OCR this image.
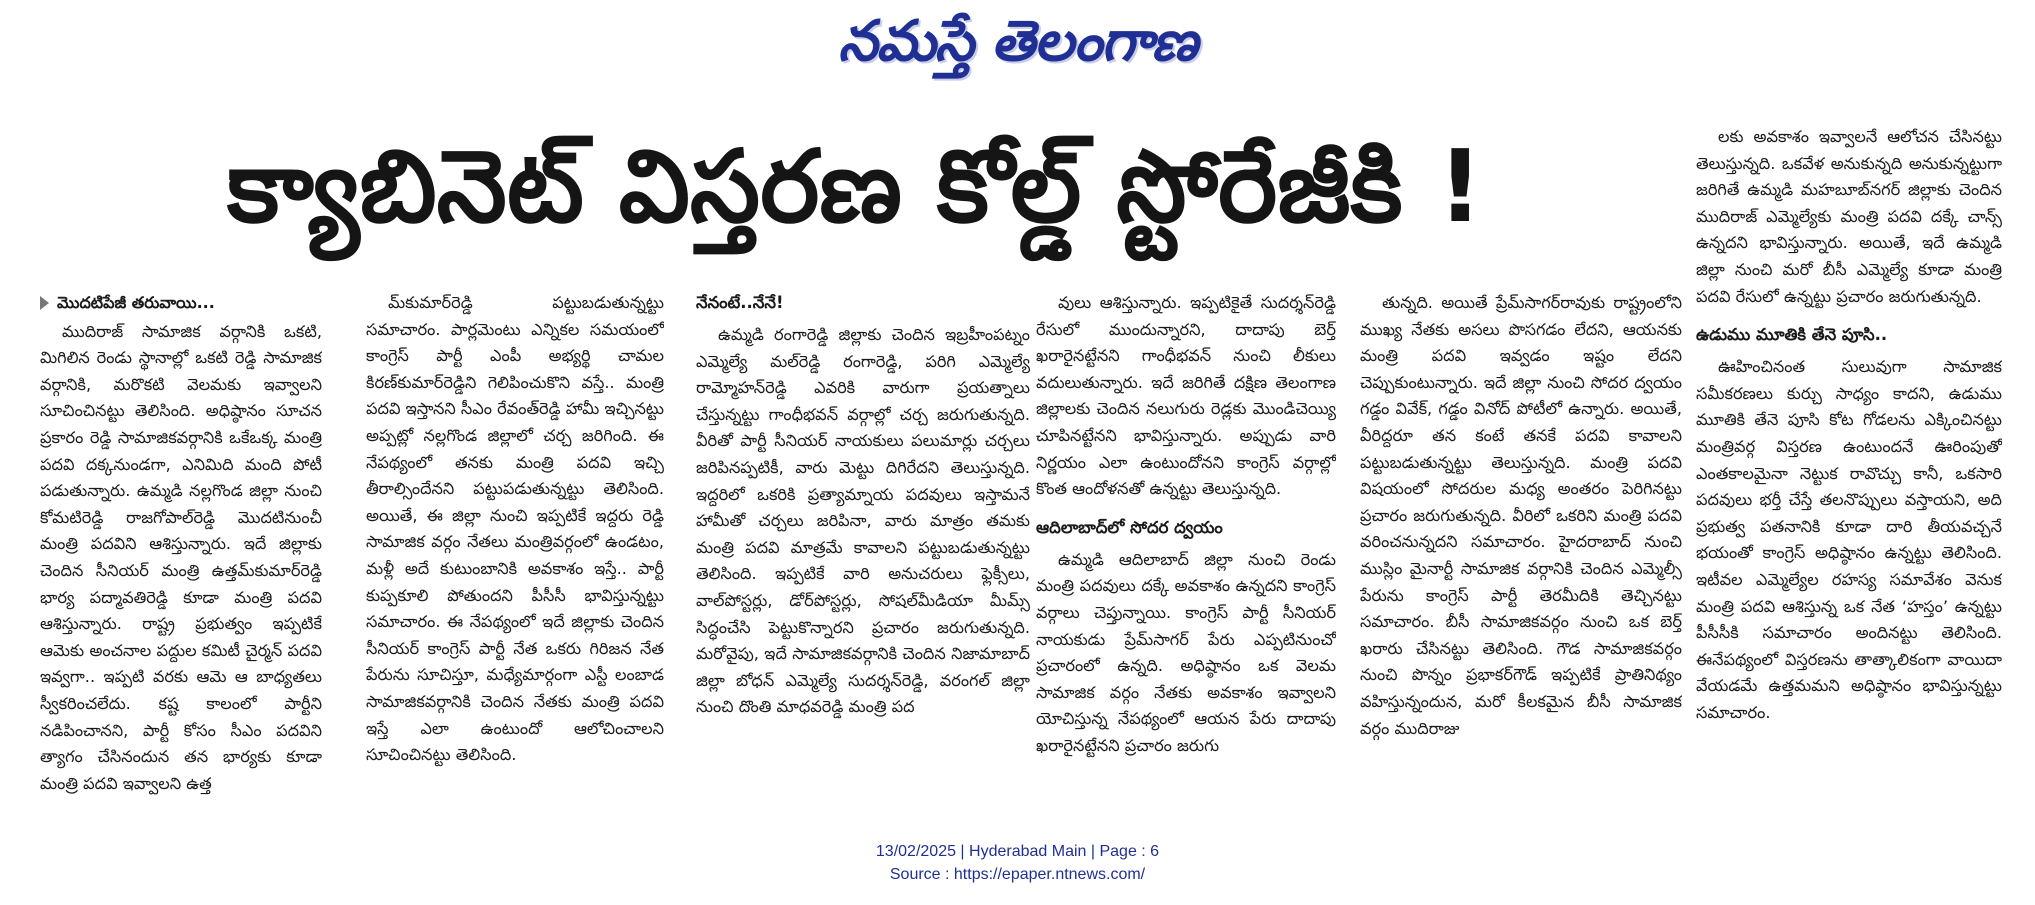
నమస్తే తెలంగాణ
క్యాబినెట్ విస్తరణ కోల్డ్ స్టోరేజీకి !
మొదటిపేజీ తరువాయి...

ముదిరాజ్ సామాజిక వర్గానికి ఒకటి, మిగిలిన రెండు స్థానాల్లో ఒకటి రెడ్డి సామాజిక వర్గానికి, మరొకటి వెలమకు ఇవ్వాలని సూచించినట్టు తెలిసింది. అధిష్ఠానం సూచన ప్రకారం రెడ్డి సామాజికవర్గానికి ఒకేఒక్క మంత్రి పదవి దక్కనుండగా, ఎనిమిది మంది పోటీ పడుతున్నారు. ఉమ్మడి నల్లగొండ జిల్లా నుంచి కోమటిరెడ్డి రాజగోపాల్‌రెడ్డి మొదటినుంచీ మంత్రి పదవిని ఆశిస్తున్నారు. ఇదే జిల్లాకు చెందిన సీనియర్ మంత్రి ఉత్తమ్‌కుమార్‌రెడ్డి భార్య పద్మావతిరెడ్డి కూడా మంత్రి పదవి ఆశిస్తున్నారు. రాష్ట్ర ప్రభుత్వం ఇప్పటికే ఆమెకు అంచనాల పద్దుల కమిటీ చైర్మన్ పదవి ఇవ్వగా.. ఇప్పటి వరకు ఆమె ఆ బాధ్యతలు స్వీకరించలేదు. కష్ట కాలంలో పార్టీని నడిపించానని, పార్టీ కోసం సీఎం పదవిని త్యాగం చేసినందున తన భార్యకు కూడా మంత్రి పదవి ఇవ్వాలని ఉత్త

మ్‌కుమార్‌రెడ్డి పట్టుబడుతున్నట్టు సమాచారం. పార్లమెంటు ఎన్నికల సమయంలో కాంగ్రెస్ పార్టీ ఎంపీ అభ్యర్థి చామల కిరణ్‌కుమార్‌రెడ్డిని గెలిపించుకొని వస్తే.. మంత్రి పదవి ఇస్తానని సీఎం రేవంత్‌రెడ్డి హామీ ఇచ్చినట్టు అప్పట్లో నల్లగొండ జిల్లాలో చర్చ జరిగింది. ఈ నేపథ్యంలో తనకు మంత్రి పదవి ఇచ్చి తీరాల్సిందేనని పట్టుపడుతున్నట్టు తెలిసింది. అయితే, ఈ జిల్లా నుంచి ఇప్పటికే ఇద్దరు రెడ్డి సామాజిక వర్గం నేతలు మంత్రివర్గంలో ఉండటం, మళ్లీ అదే కుటుంబానికి అవకాశం ఇస్తే.. పార్టీ కుప్పకూలి పోతుందని పీసీసీ భావిస్తున్నట్టు సమాచారం. ఈ నేపథ్యంలో ఇదే జిల్లాకు చెందిన సీనియర్ కాంగ్రెస్ పార్టీ నేత ఒకరు గిరిజన నేత పేరును సూచిస్తూ, మధ్యేమార్గంగా ఎస్టీ లంబాడ సామాజికవర్గానికి చెందిన నేతకు మంత్రి పదవి ఇస్తే ఎలా ఉంటుందో ఆలోచించాలని సూచించినట్టు తెలిసింది.

నేనంటే..నేనే!

ఉమ్మడి రంగారెడ్డి జిల్లాకు చెందిన ఇబ్రహీంపట్నం ఎమ్మెల్యే మల్‌రెడ్డి రంగారెడ్డి, పరిగి ఎమ్మెల్యే రామ్మోహన్‌రెడ్డి ఎవరికి వారుగా ప్రయత్నాలు చేస్తున్నట్టు గాంధీభవన్ వర్గాల్లో చర్చ జరుగుతున్నది. వీరితో పార్టీ సీనియర్ నాయకులు పలుమార్లు చర్చలు జరిపినప్పటికీ, వారు మెట్టు దిగిరేదని తెలుస్తున్నది. ఇద్దరిలో ఒకరికి ప్రత్యామ్నాయ పదవులు ఇస్తామనే హామీతో చర్చలు జరిపినా, వారు మాత్రం తమకు మంత్రి పదవి మాత్రమే కావాలని పట్టుబడుతున్నట్టు తెలిసింది. ఇప్పటికే వారి అనుచరులు ఫ్లెక్సీలు, వాల్‌పోస్టర్లు, డోర్‌పోస్టర్లు, సోషల్‌మీడియా మీమ్స్ సిద్ధంచేసి పెట్టుకొన్నారని ప్రచారం జరుగుతున్నది. మరోవైపు, ఇదే సామాజికవర్గానికి చెందిన నిజామాబాద్ జిల్లా బోధన్ ఎమ్మెల్యే సుదర్శన్‌రెడ్డి, వరంగల్ జిల్లా నుంచి దొంతి మాధవరెడ్డి మంత్రి పద

వులు ఆశిస్తున్నారు. ఇప్పటికైతే సుదర్శన్‌రెడ్డి రేసులో ముందున్నారని, దాదాపు బెర్త్ ఖరారైనట్టేనని గాంధీభవన్ నుంచి లీకులు వదులుతున్నారు. ఇదే జరిగితే దక్షిణ తెలంగాణ జిల్లాలకు చెందిన నలుగురు రెడ్లకు మొండిచెయ్యి చూపినట్టేనని భావిస్తున్నారు. అప్పుడు వారి నిర్ణయం ఎలా ఉంటుందోనని కాంగ్రెస్ వర్గాల్లో కొంత ఆందోళనతో ఉన్నట్టు తెలుస్తున్నది.

ఆదిలాబాద్‌లో సోదర ద్వయం

ఉమ్మడి ఆదిలాబాద్ జిల్లా నుంచి రెండు మంత్రి పదవులు దక్కే అవకాశం ఉన్నదని కాంగ్రెస్ వర్గాలు చెప్తున్నాయి. కాంగ్రెస్ పార్టీ సీనియర్ నాయకుడు ప్రేమ్‌సాగర్ పేరు ఎప్పటినుంచో ప్రచారంలో ఉన్నది. అధిష్ఠానం ఒక వెలమ సామాజిక వర్గం నేతకు అవకాశం ఇవ్వాలని యోచిస్తున్న నేపథ్యంలో ఆయన పేరు దాదాపు ఖరారైనట్టేనని ప్రచారం జరుగు

తున్నది. అయితే ప్రేమ్‌సాగర్‌రావుకు రాష్ట్రంలోని ముఖ్య నేతకు అసలు పొసగడం లేదని, ఆయనకు మంత్రి పదవి ఇవ్వడం ఇష్టం లేదని చెప్పుకుంటున్నారు. ఇదే జిల్లా నుంచి సోదర ద్వయం గడ్డం వివేక్, గడ్డం వినోద్ పోటీలో ఉన్నారు. అయితే, వీరిద్దరూ తన కంటే తనకే పదవి కావాలని పట్టుబడుతున్నట్టు తెలుస్తున్నది. మంత్రి పదవి విషయంలో సోదరుల మధ్య అంతరం పెరిగినట్టు ప్రచారం జరుగుతున్నది. వీరిలో ఒకరిని మంత్రి పదవి వరించనున్నదని సమాచారం. హైదరాబాద్ నుంచి ముస్లిం మైనార్టీ సామాజిక వర్గానికి చెందిన ఎమ్మెల్సీ పేరును కాంగ్రెస్ పార్టీ తెరమీదికి తెచ్చినట్టు సమాచారం. బీసీ సామాజికవర్గం నుంచి ఒక బెర్త్ ఖరారు చేసినట్టు తెలిసింది. గౌడ సామాజికవర్గం నుంచి పొన్నం ప్రభాకర్‌గౌడ్ ఇప్పటికే ప్రాతినిథ్యం వహిస్తున్నందున, మరో కీలకమైన బీసీ సామాజిక వర్గం ముదిరాజు

లకు అవకాశం ఇవ్వాలనే ఆలోచన చేసినట్టు తెలుస్తున్నది. ఒకవేళ అనుకున్నది అనుకున్నట్టుగా జరిగితే ఉమ్మడి మహబూబ్‌నగర్ జిల్లాకు చెందిన ముదిరాజ్ ఎమ్మెల్యేకు మంత్రి పదవి దక్కే చాన్స్ ఉన్నదని భావిస్తున్నారు. అయితే, ఇదే ఉమ్మడి జిల్లా నుంచి మరో బీసీ ఎమ్మెల్యే కూడా మంత్రి పదవి రేసులో ఉన్నట్టు ప్రచారం జరుగుతున్నది.

ఉడుము మూతికి తేనె పూసి..

ఊహించినంత సులువుగా సామాజిక సమీకరణలు కుర్చు సాధ్యం కాదని, ఉడుము మూతికి తేనె పూసి కోట గోడలను ఎక్కించినట్టు మంత్రివర్గ విస్తరణ ఉంటుందనే ఊరింపుతో ఎంతకాలమైనా నెట్టుక రావొచ్చు కానీ, ఒకసారి పదవులు భర్తీ చేస్తే తలనొప్పులు వస్తాయని, అది ప్రభుత్వ పతనానికి కూడా దారి తీయవచ్చనే భయంతో కాంగ్రెస్ అధిష్ఠానం ఉన్నట్టు తెలిసింది. ఇటీవల ఎమ్మెల్యేల రహస్య సమావేశం వెనుక మంత్రి పదవి ఆశిస్తున్న ఒక నేత ‘హస్తం’ ఉన్నట్టు పీసీసీకి సమాచారం అందినట్టు తెలిసింది. ఈనేపథ్యంలో విస్తరణను తాత్కాలికంగా వాయిదా వేయడమే ఉత్తమమని అధిష్ఠానం భావిస్తున్నట్టు సమాచారం.

13/02/2025 | Hyderabad Main | Page : 6
Source : https://epaper.ntnews.com/
